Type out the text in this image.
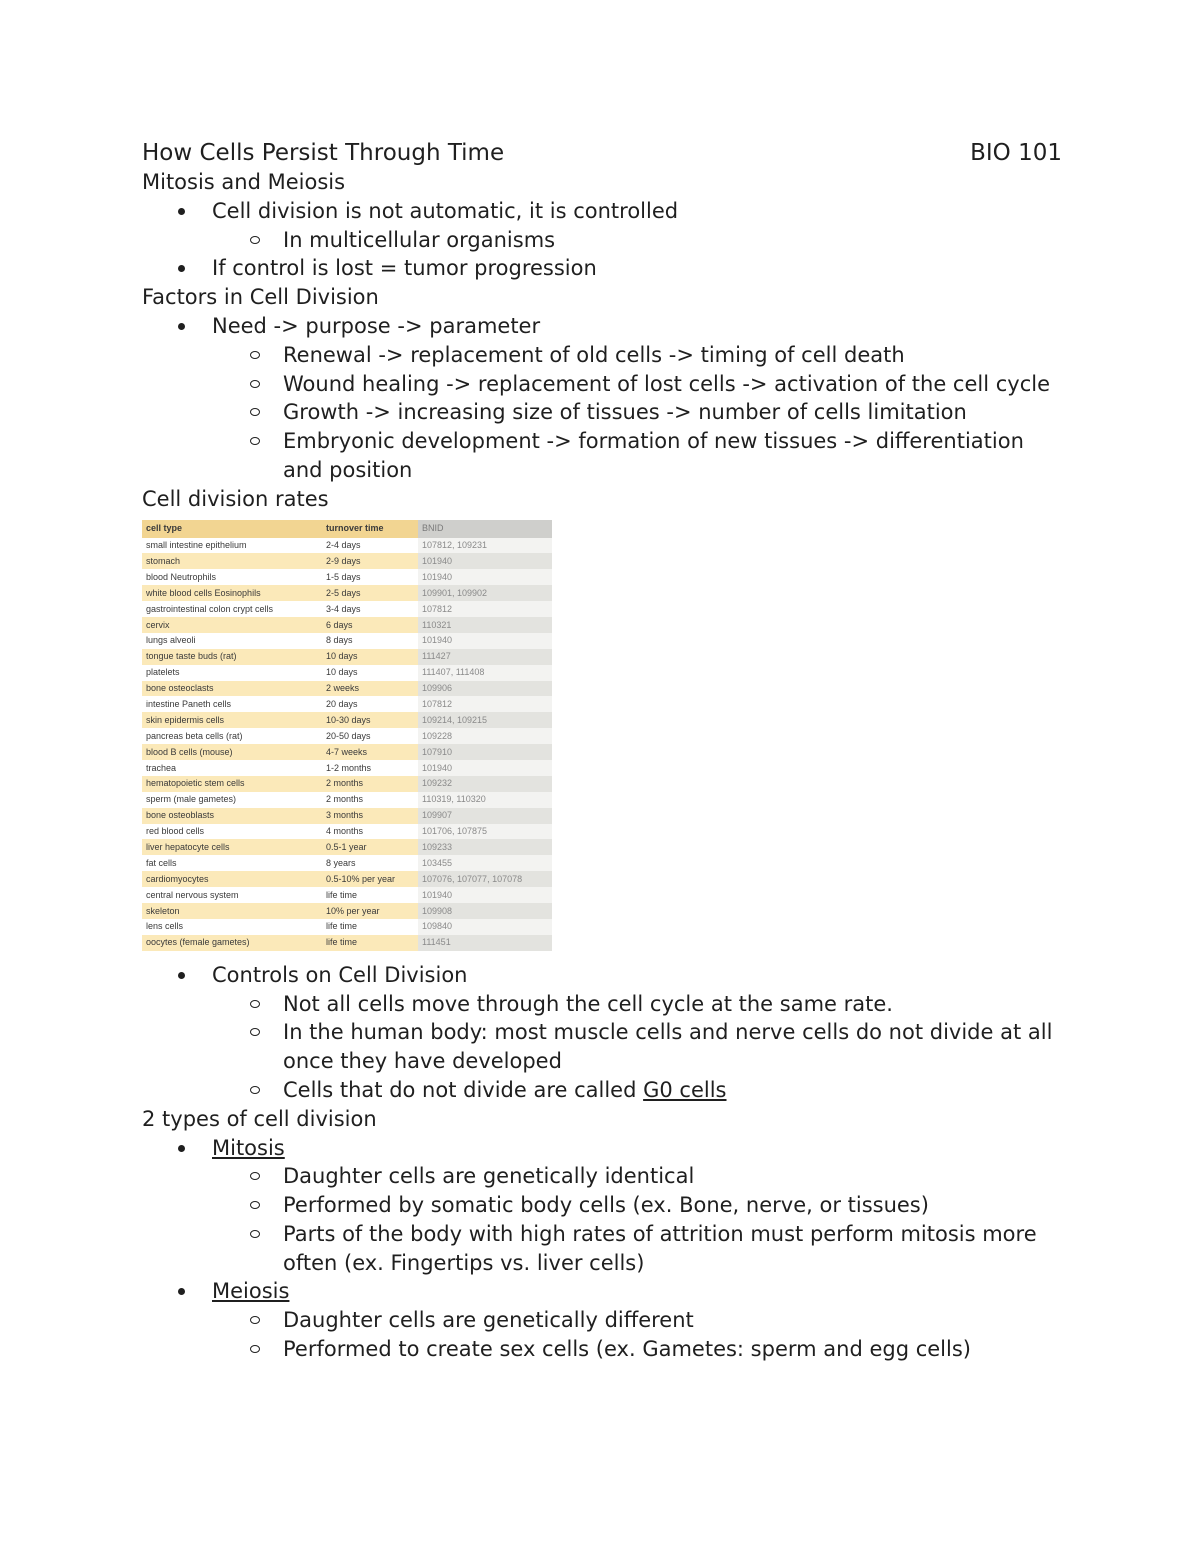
How Cells Persist Through Time	BIO 101
Mitosis and Meiosis
Cell division is not automatic, it is controlled
In multicellular organisms
If control is lost = tumor progression
Factors in Cell Division
Need -> purpose -> parameter
Renewal -> replacement of old cells -> timing of cell death
Wound healing -> replacement of lost cells -> activation of the cell cycle
Growth -> increasing size of tissues -> number of cells limitation
Embryonic development -> formation of new tissues -> differentiation and position
Cell division rates
cell type	turnover time	BNID
small intestine epithelium	2-4 days	107812, 109231
stomach	2-9 days	101940
blood Neutrophils	1-5 days	101940
white blood cells Eosinophils	2-5 days	109901, 109902
gastrointestinal colon crypt cells	3-4 days	107812
cervix	6 days	110321
lungs alveoli	8 days	101940
tongue taste buds (rat)	10 days	111427
platelets	10 days	111407, 111408
bone osteoclasts	2 weeks	109906
intestine Paneth cells	20 days	107812
skin epidermis cells	10-30 days	109214, 109215
pancreas beta cells (rat)	20-50 days	109228
blood B cells (mouse)	4-7 weeks	107910
trachea	1-2 months	101940
hematopoietic stem cells	2 months	109232
sperm (male gametes)	2 months	110319, 110320
bone osteoblasts	3 months	109907
red blood cells	4 months	101706, 107875
liver hepatocyte cells	0.5-1 year	109233
fat cells	8 years	103455
cardiomyocytes	0.5-10% per year	107076, 107077, 107078
central nervous system	life time	101940
skeleton	10% per year	109908
lens cells	life time	109840
oocytes (female gametes)	life time	111451
Controls on Cell Division
Not all cells move through the cell cycle at the same rate.
In the human body: most muscle cells and nerve cells do not divide at all once they have developed
Cells that do not divide are called G0 cells
2 types of cell division
Mitosis
Daughter cells are genetically identical
Performed by somatic body cells (ex. Bone, nerve, or tissues)
Parts of the body with high rates of attrition must perform mitosis more often (ex. Fingertips vs. liver cells)
Meiosis
Daughter cells are genetically different
Performed to create sex cells (ex. Gametes: sperm and egg cells)
